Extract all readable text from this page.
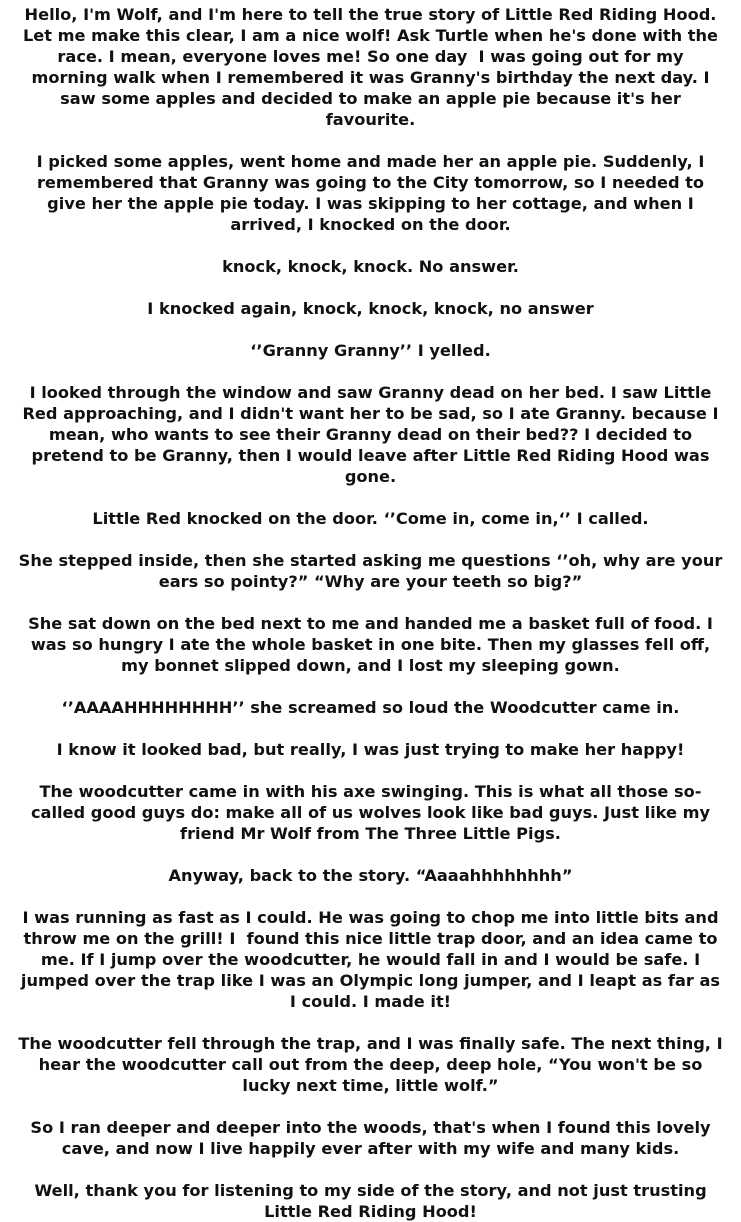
Hello, I'm Wolf, and I'm here to tell the true story of Little Red Riding Hood. Let me make this clear, I am a nice wolf! Ask Turtle when he's done with the race. I mean, everyone loves me! So one day  I was going out for my morning walk when I remembered it was Granny's birthday the next day. I saw some apples and decided to make an apple pie because it's her favourite.

I picked some apples, went home and made her an apple pie. Suddenly, I remembered that Granny was going to the City tomorrow, so I needed to give her the apple pie today. I was skipping to her cottage, and when I arrived, I knocked on the door.

knock, knock, knock. No answer.

I knocked again, knock, knock, knock, no answer

‘’Granny Granny’’ I yelled.

I looked through the window and saw Granny dead on her bed. I saw Little Red approaching, and I didn't want her to be sad, so I ate Granny. because I mean, who wants to see their Granny dead on their bed?? I decided to pretend to be Granny, then I would leave after Little Red Riding Hood was gone.

Little Red knocked on the door. ‘’Come in, come in,‘’ I called.

She stepped inside, then she started asking me questions ‘’oh, why are your ears so pointy?” “Why are your teeth so big?”

She sat down on the bed next to me and handed me a basket full of food. I was so hungry I ate the whole basket in one bite. Then my glasses fell off, my bonnet slipped down, and I lost my sleeping gown.

‘’AAAAHHHHHHHH’’ she screamed so loud the Woodcutter came in.

I know it looked bad, but really, I was just trying to make her happy!

The woodcutter came in with his axe swinging. This is what all those so-called good guys do: make all of us wolves look like bad guys. Just like my friend Mr Wolf from The Three Little Pigs.

Anyway, back to the story. “Aaaahhhhhhhh”

I was running as fast as I could. He was going to chop me into little bits and throw me on the grill! I  found this nice little trap door, and an idea came to me. If I jump over the woodcutter, he would fall in and I would be safe. I jumped over the trap like I was an Olympic long jumper, and I leapt as far as I could. I made it!

The woodcutter fell through the trap, and I was finally safe. The next thing, I hear the woodcutter call out from the deep, deep hole, “You won't be so lucky next time, little wolf.”

So I ran deeper and deeper into the woods, that's when I found this lovely cave, and now I live happily ever after with my wife and many kids.

Well, thank you for listening to my side of the story, and not just trusting Little Red Riding Hood!
